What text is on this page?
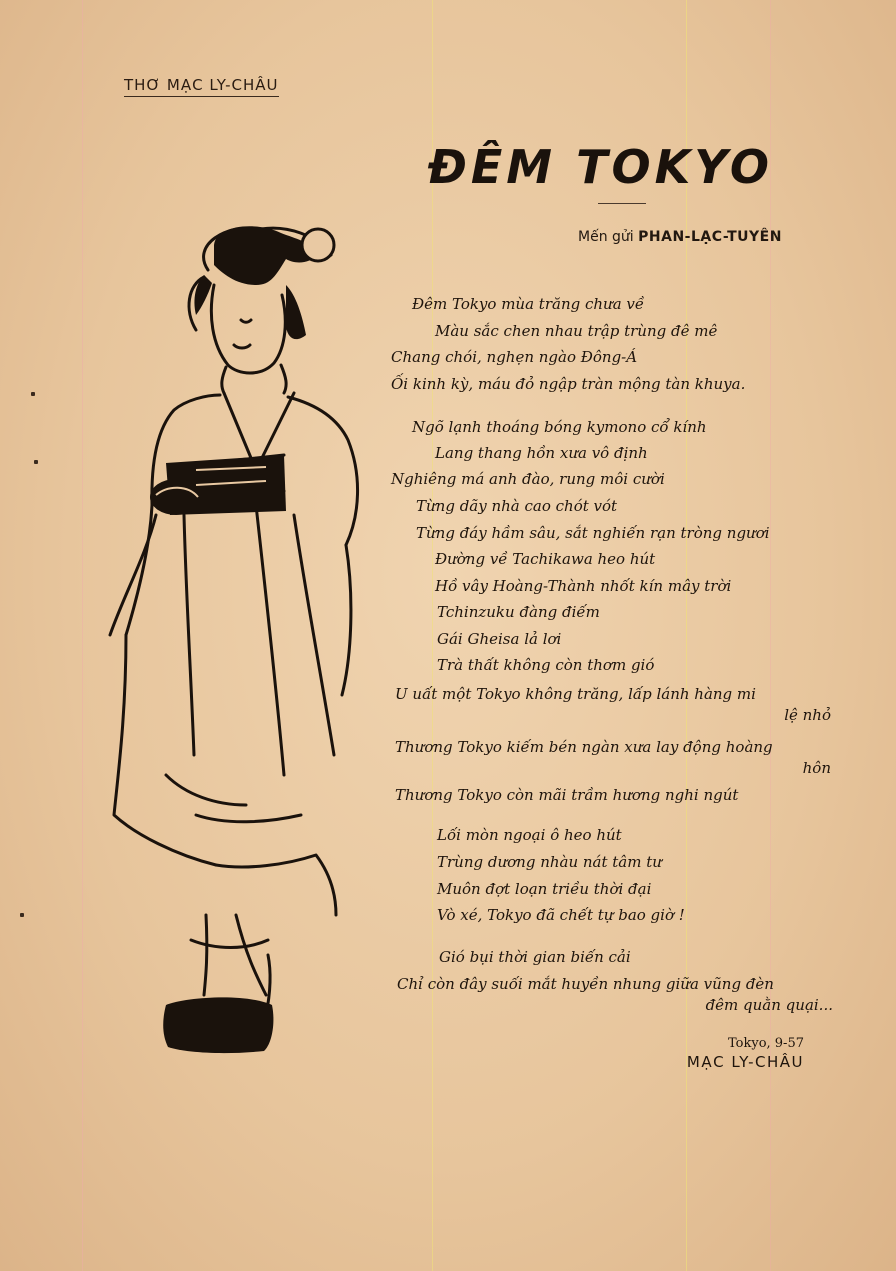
THƠ MẠC LY-CHÂU
ĐÊM TOKYO
Mến gửi PHAN-LẠC-TUYÊN
Đêm Tokyo mùa trăng chưa về
Màu sắc chen nhau trập trùng đê mê
Chang chói, nghẹn ngào Đông-Á
Ối kinh kỳ, máu đỏ ngập tràn mộng tàn khuya.
Ngõ lạnh thoáng bóng kymono cổ kính
Lang thang hồn xưa vô định
Nghiêng má anh đào, rung môi cười
Từng dãy nhà cao chót vót
Từng đáy hầm sâu, sắt nghiến rạn tròng ngươi
Đường về Tachikawa heo hút
Hồ vây Hoàng-Thành nhốt kín mây trời
Tchinzuku đàng điếm
Gái Gheisa lả lơi
Trà thất không còn thơm gió
U uất một Tokyo không trăng, lấp lánh hàng mi
lệ nhỏ
Thương Tokyo kiếm bén ngàn xưa lay động hoàng
hôn
Thương Tokyo còn mãi trầm hương nghi ngút
Lối mòn ngoại ô heo hút
Trùng dương nhàu nát tâm tư
Muôn đợt loạn triều thời đại
Vò xé, Tokyo đã chết tự bao giờ !
Gió bụi thời gian biến cải
Chỉ còn đây suối mắt huyền nhung giữa vũng đèn
đêm quằn quại...
Tokyo, 9-57
MẠC LY-CHÂU
